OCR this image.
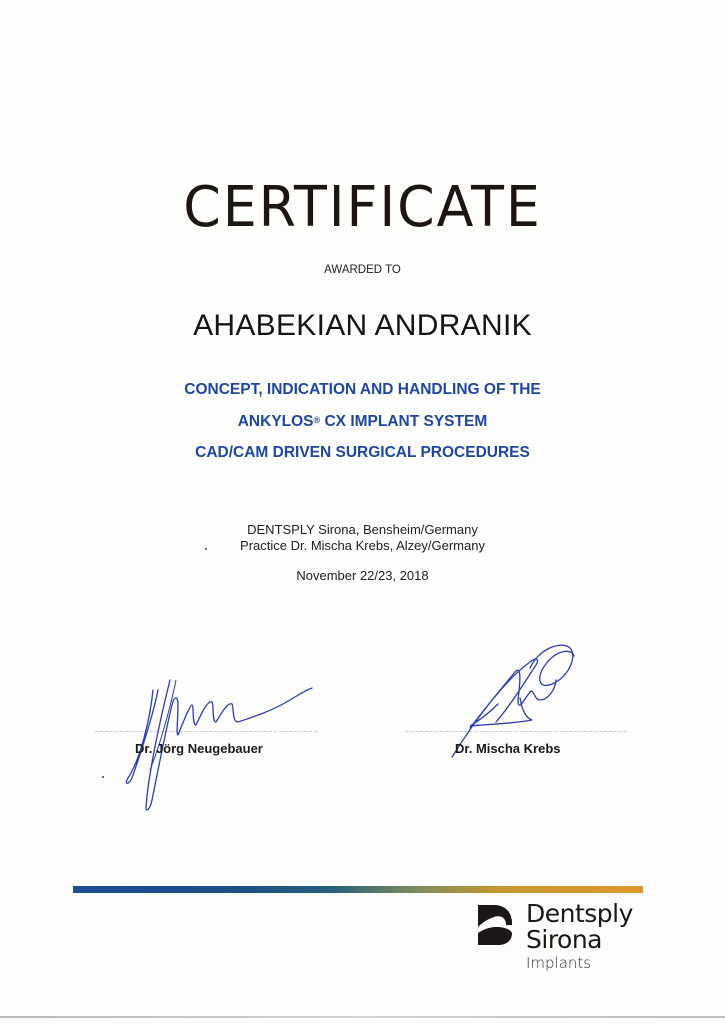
CERTIFICATE
AWARDED TO
AHABEKIAN ANDRANIK
CONCEPT, INDICATION AND HANDLING OF THE
ANKYLOS® CX IMPLANT SYSTEM
CAD/CAM DRIVEN SURGICAL PROCEDURES
DENTSPLY Sirona, Bensheim/Germany
Practice Dr. Mischa Krebs, Alzey/Germany
November 22/23, 2018
Dr. Jörg Neugebauer	Dr. Mischa Krebs
Dentsply
Sirona
Implants
